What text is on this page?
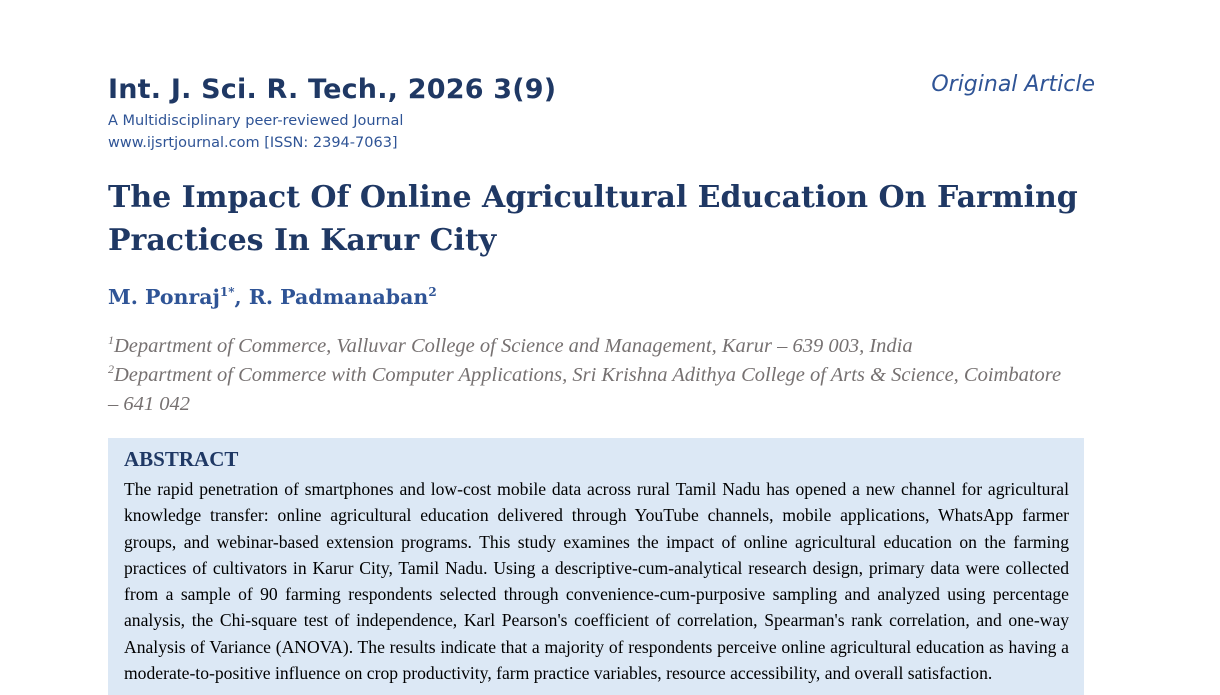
Int. J. Sci. R. Tech., 2026 3(9)

A Multidisciplinary peer-reviewed Journal

www.ijsrtjournal.com [ISSN: 2394-7063]

Original Article

The Impact Of Online Agricultural Education On Farming Practices In Karur City

M. Ponraj$^{1*}$, R. Padmanaban$^2$

$^1$Department of Commerce, Valluvar College of Science and Management, Karur – 639 003, India

$^2$Department of Commerce with Computer Applications, Sri Krishna Adithya College of Arts & Science, Coimbatore – 641 042

ABSTRACT

The rapid penetration of smartphones and low-cost mobile data across rural Tamil Nadu has opened a new channel for agricultural knowledge transfer: online agricultural education delivered through YouTube channels, mobile applications, WhatsApp farmer groups, and webinar-based extension programs. This study examines the impact of online agricultural education on the farming practices of cultivators in Karur City, Tamil Nadu. Using a descriptive-cum-analytical research design, primary data were collected from a sample of 90 farming respondents selected through convenience-cum-purposive sampling and analyzed using percentage analysis, the Chi-square test of independence, Karl Pearson's coefficient of correlation, Spearman's rank correlation, and one-way Analysis of Variance (ANOVA). The results indicate that a majority of respondents perceive online agricultural education as having a moderate-to-positive influence on crop productivity, farm practice variables, resource accessibility, and overall satisfaction.
